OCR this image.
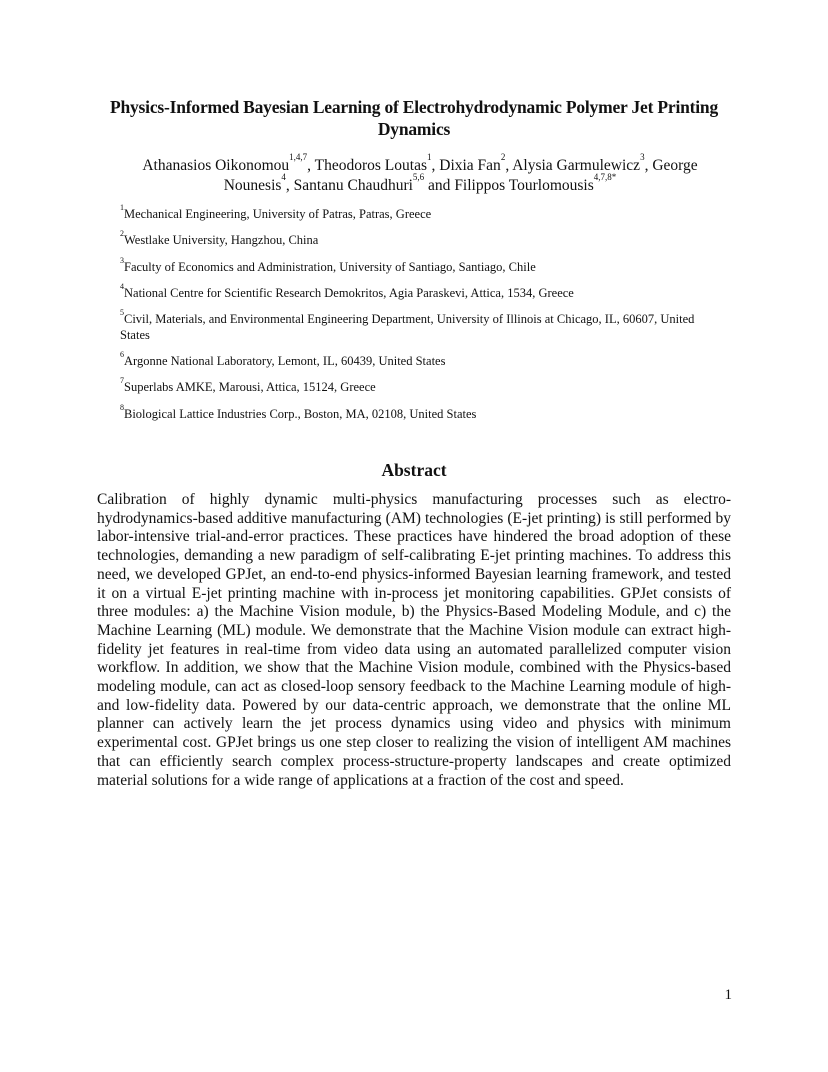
Physics-Informed Bayesian Learning of Electrohydrodynamic Polymer Jet Printing
Dynamics
Athanasios Oikonomou$^{1,4,7}$, Theodoros Loutas$^1$, Dixia Fan$^2$, Alysia Garmulewicz$^3$, George Nounesis$^4$, Santanu Chaudhuri$^{5,6}$ and Filippos Tourlomousis$^{4,7,8*}$
$^1$Mechanical Engineering, University of Patras, Patras, Greece
$^2$Westlake University, Hangzhou, China
$^3$Faculty of Economics and Administration, University of Santiago, Santiago, Chile
$^4$National Centre for Scientific Research Demokritos, Agia Paraskevi, Attica, 1534, Greece
$^5$Civil, Materials, and Environmental Engineering Department, University of Illinois at Chicago, IL, 60607, United States
$^6$Argonne National Laboratory, Lemont, IL, 60439, United States
$^7$Superlabs AMKE, Marousi, Attica, 15124, Greece
$^8$Biological Lattice Industries Corp., Boston, MA, 02108, United States
Abstract
Calibration of highly dynamic multi-physics manufacturing processes such as electro-hydrodynamics-based additive manufacturing (AM) technologies (E-jet printing) is still performed by labor-intensive trial-and-error practices. These practices have hindered the broad adoption of these technologies, demanding a new paradigm of self-calibrating E-jet printing machines. To address this need, we developed GPJet, an end-to-end physics-informed Bayesian learning framework, and tested it on a virtual E-jet printing machine with in-process jet monitoring capabilities. GPJet consists of three modules: a) the Machine Vision module, b) the Physics-Based Modeling Module, and c) the Machine Learning (ML) module. We demonstrate that the Machine Vision module can extract high-fidelity jet features in real-time from video data using an automated parallelized computer vision workflow. In addition, we show that the Machine Vision module, combined with the Physics-based modeling module, can act as closed-loop sensory feedback to the Machine Learning module of high- and low-fidelity data. Powered by our data-centric approach, we demonstrate that the online ML planner can actively learn the jet process dynamics using video and physics with minimum experimental cost. GPJet brings us one step closer to realizing the vision of intelligent AM machines that can efficiently search complex process-structure-property landscapes and create optimized material solutions for a wide range of applications at a fraction of the cost and speed.
1
